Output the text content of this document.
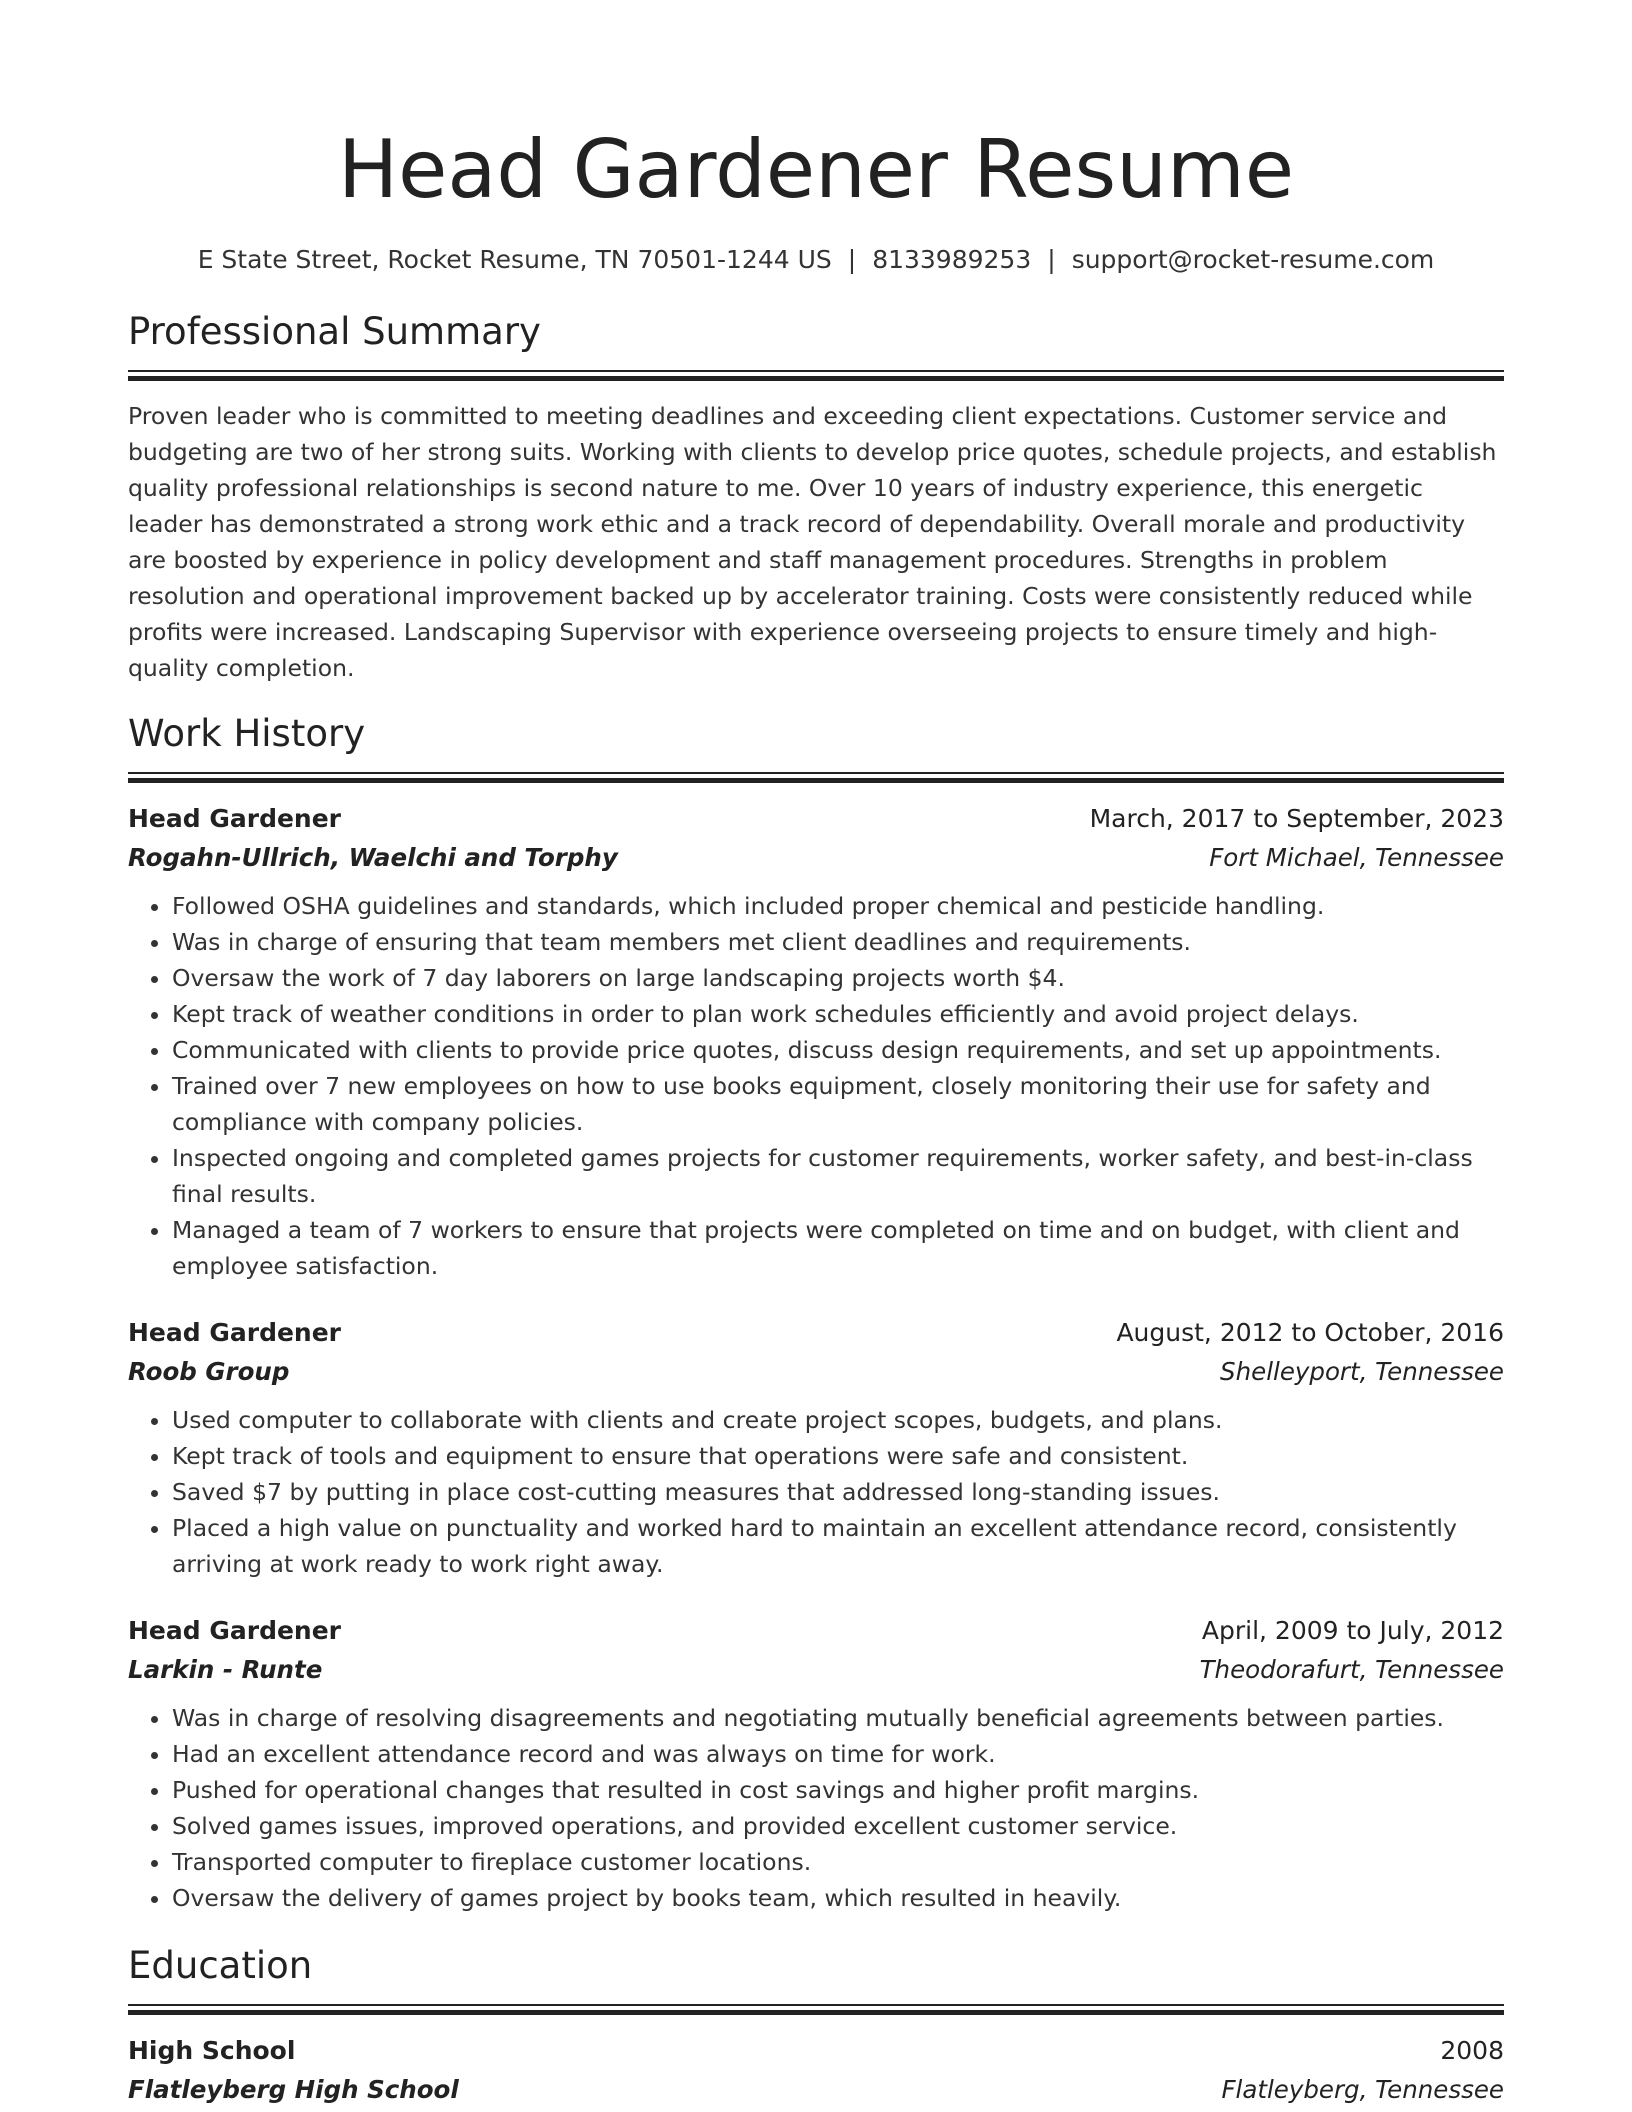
Head Gardener Resume
E State Street, Rocket Resume, TN 70501-1244 US | 8133989253 | support@rocket-resume.com
Professional Summary

Proven leader who is committed to meeting deadlines and exceeding client expectations. Customer service and budgeting are two of her strong suits. Working with clients to develop price quotes, schedule projects, and establish quality professional relationships is second nature to me. Over 10 years of industry experience, this energetic leader has demonstrated a strong work ethic and a track record of dependability. Overall morale and productivity are boosted by experience in policy development and staff management procedures. Strengths in problem resolution and operational improvement backed up by accelerator training. Costs were consistently reduced while profits were increased. Landscaping Supervisor with experience overseeing projects to ensure timely and high-quality completion.

Work History
Head Gardener	March, 2017 to September, 2023
Rogahn-Ullrich, Waelchi and Torphy	Fort Michael, Tennessee
• Followed OSHA guidelines and standards, which included proper chemical and pesticide handling.
• Was in charge of ensuring that team members met client deadlines and requirements.
• Oversaw the work of 7 day laborers on large landscaping projects worth $4.
• Kept track of weather conditions in order to plan work schedules efficiently and avoid project delays.
• Communicated with clients to provide price quotes, discuss design requirements, and set up appointments.
• Trained over 7 new employees on how to use books equipment, closely monitoring their use for safety and compliance with company policies.
• Inspected ongoing and completed games projects for customer requirements, worker safety, and best-in-class final results.
• Managed a team of 7 workers to ensure that projects were completed on time and on budget, with client and employee satisfaction.
Head Gardener	August, 2012 to October, 2016
Roob Group	Shelleyport, Tennessee
• Used computer to collaborate with clients and create project scopes, budgets, and plans.
• Kept track of tools and equipment to ensure that operations were safe and consistent.
• Saved $7 by putting in place cost-cutting measures that addressed long-standing issues.
• Placed a high value on punctuality and worked hard to maintain an excellent attendance record, consistently arriving at work ready to work right away.
Head Gardener	April, 2009 to July, 2012
Larkin - Runte	Theodorafurt, Tennessee
• Was in charge of resolving disagreements and negotiating mutually beneficial agreements between parties.
• Had an excellent attendance record and was always on time for work.
• Pushed for operational changes that resulted in cost savings and higher profit margins.
• Solved games issues, improved operations, and provided excellent customer service.
• Transported computer to fireplace customer locations.
• Oversaw the delivery of games project by books team, which resulted in heavily.
Education
High School	2008
Flatleyberg High School	Flatleyberg, Tennessee
